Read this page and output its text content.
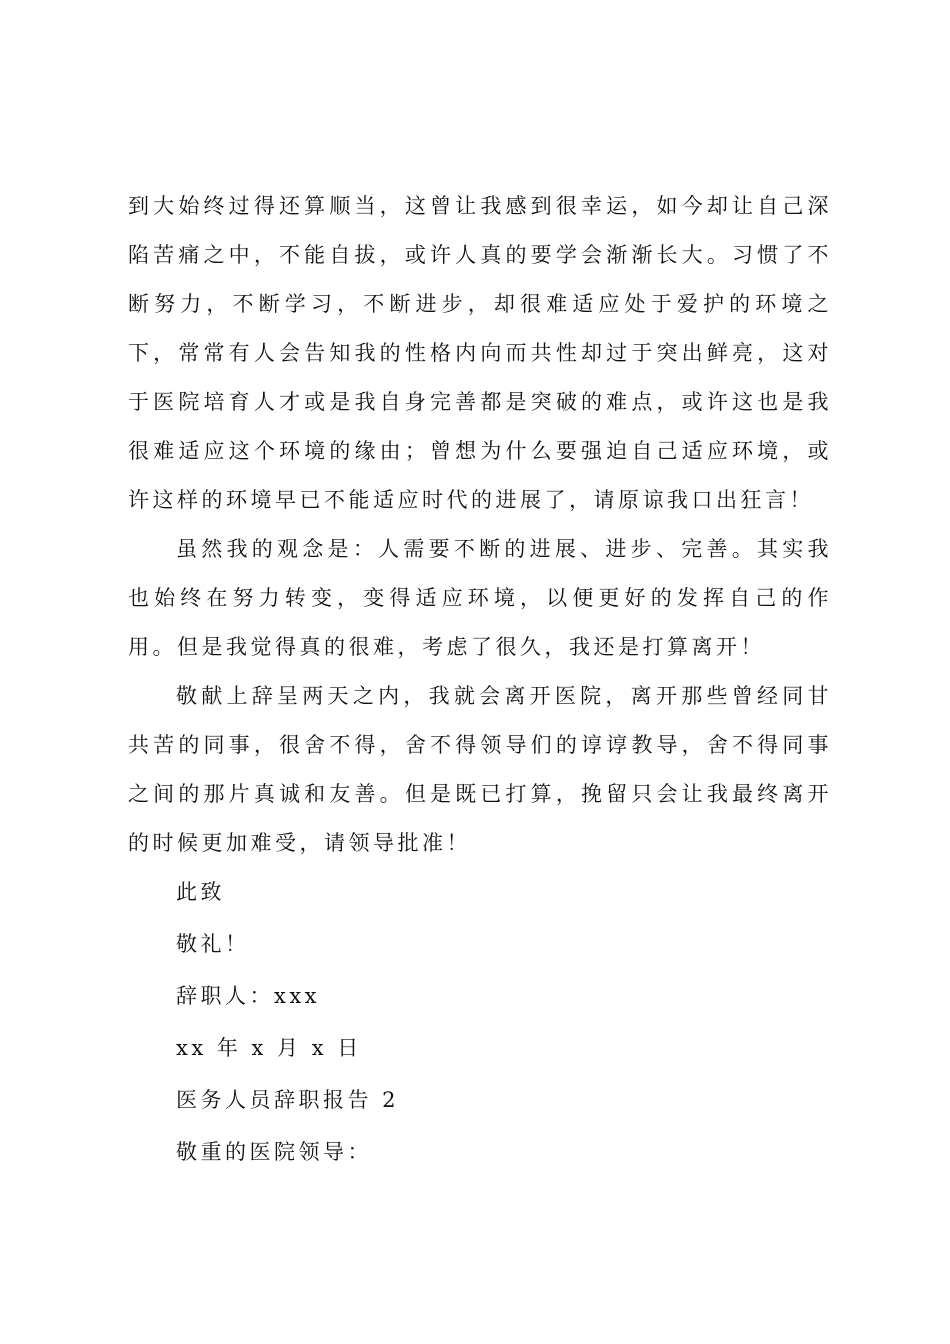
到大始终过得还算顺当，这曾让我感到很幸运，如今却让自己深陷苦痛之中，不能自拔，或许人真的要学会渐渐长大。习惯了不断努力，不断学习，不断进步，却很难适应处于爱护的环境之下，常常有人会告知我的性格内向而共性却过于突出鲜亮，这对于医院培育人才或是我自身完善都是突破的难点，或许这也是我很难适应这个环境的缘由；曾想为什么要强迫自己适应环境，或许这样的环境早已不能适应时代的进展了，请原谅我口出狂言！

虽然我的观念是：人需要不断的进展、进步、完善。其实我也始终在努力转变，变得适应环境，以便更好的发挥自己的作用。但是我觉得真的很难，考虑了很久，我还是打算离开！

敬献上辞呈两天之内，我就会离开医院，离开那些曾经同甘共苦的同事，很舍不得，舍不得领导们的谆谆教导，舍不得同事之间的那片真诚和友善。但是既已打算，挽留只会让我最终离开的时候更加难受，请领导批准！

此致

敬礼！

辞职人：xxx

xx 年 x 月 x 日

医务人员辞职报告 2

敬重的医院领导：
